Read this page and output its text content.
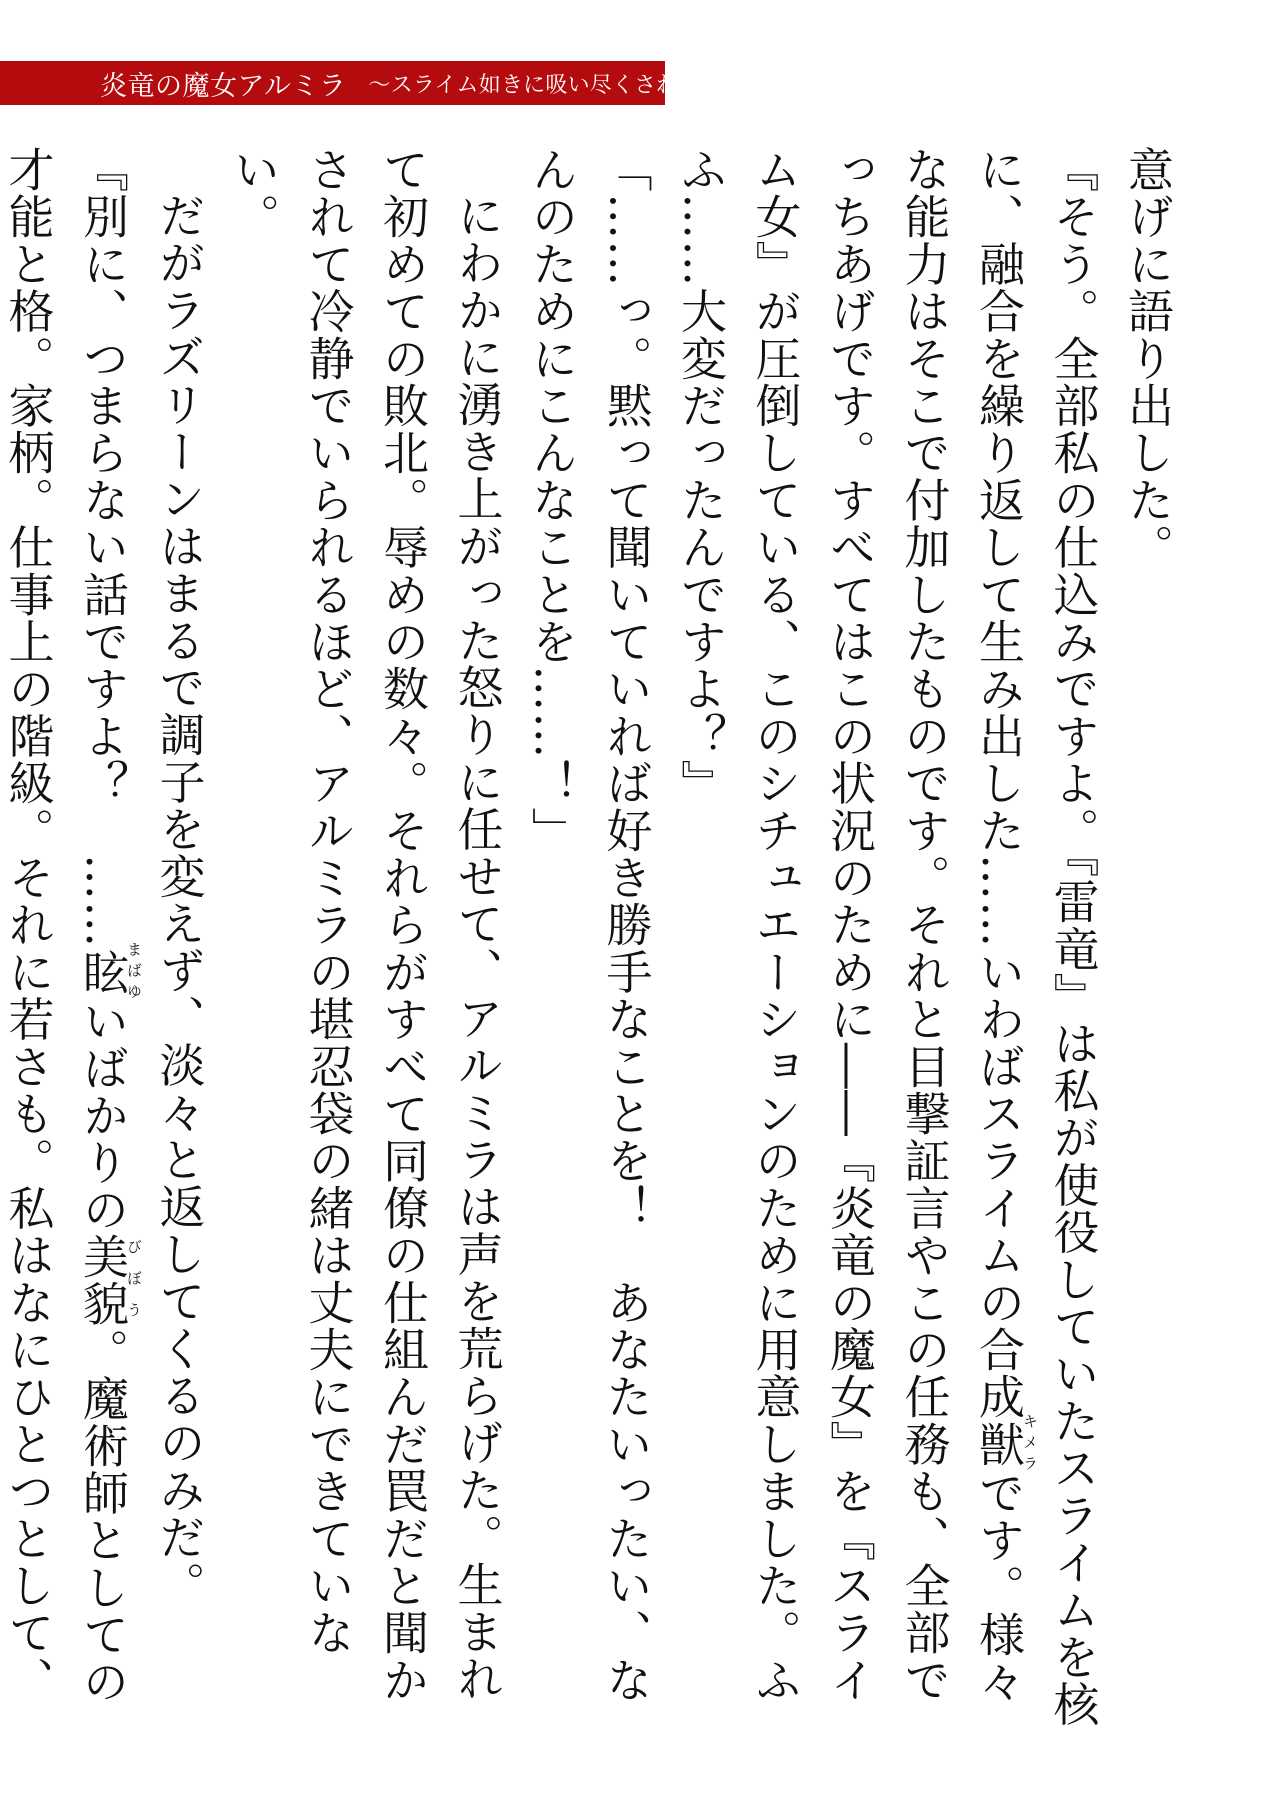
炎竜の魔女アルミラ 〜スライム如きに吸い尽くされて〜

意げに語り出した。

『そう。全部私の仕込みですよ。『雷竜』は私が使役していたスライムを核に、融合を繰り返して生み出した……いわばスライムの合成獣キメラです。様々な能力はそこで付加したものです。それと目撃証言やこの任務も、全部でっちあげです。すべてはこの状況のために――『炎竜の魔女』を『スライム女』が圧倒している、このシチュエーションのために用意しました。ふふ……大変だったんですよ？』

「……っ。黙って聞いていれば好き勝手なことを！　あなたいったい、なんのためにこんなことを……！」

にわかに湧き上がった怒りに任せて、アルミラは声を荒らげた。生まれて初めての敗北。辱めの数々。それらがすべて同僚の仕組んだ罠だと聞かされて冷静でいられるほど、アルミラの堪忍袋の緒は丈夫にできていない。

だがラズリーンはまるで調子を変えず、淡々と返してくるのみだ。

『別に、つまらない話ですよ？　……眩まばゆいばかりの美貌びぼう。魔術師としての才能と格。家柄。仕事上の階級。それに若さも。私はなにひとつとして、
